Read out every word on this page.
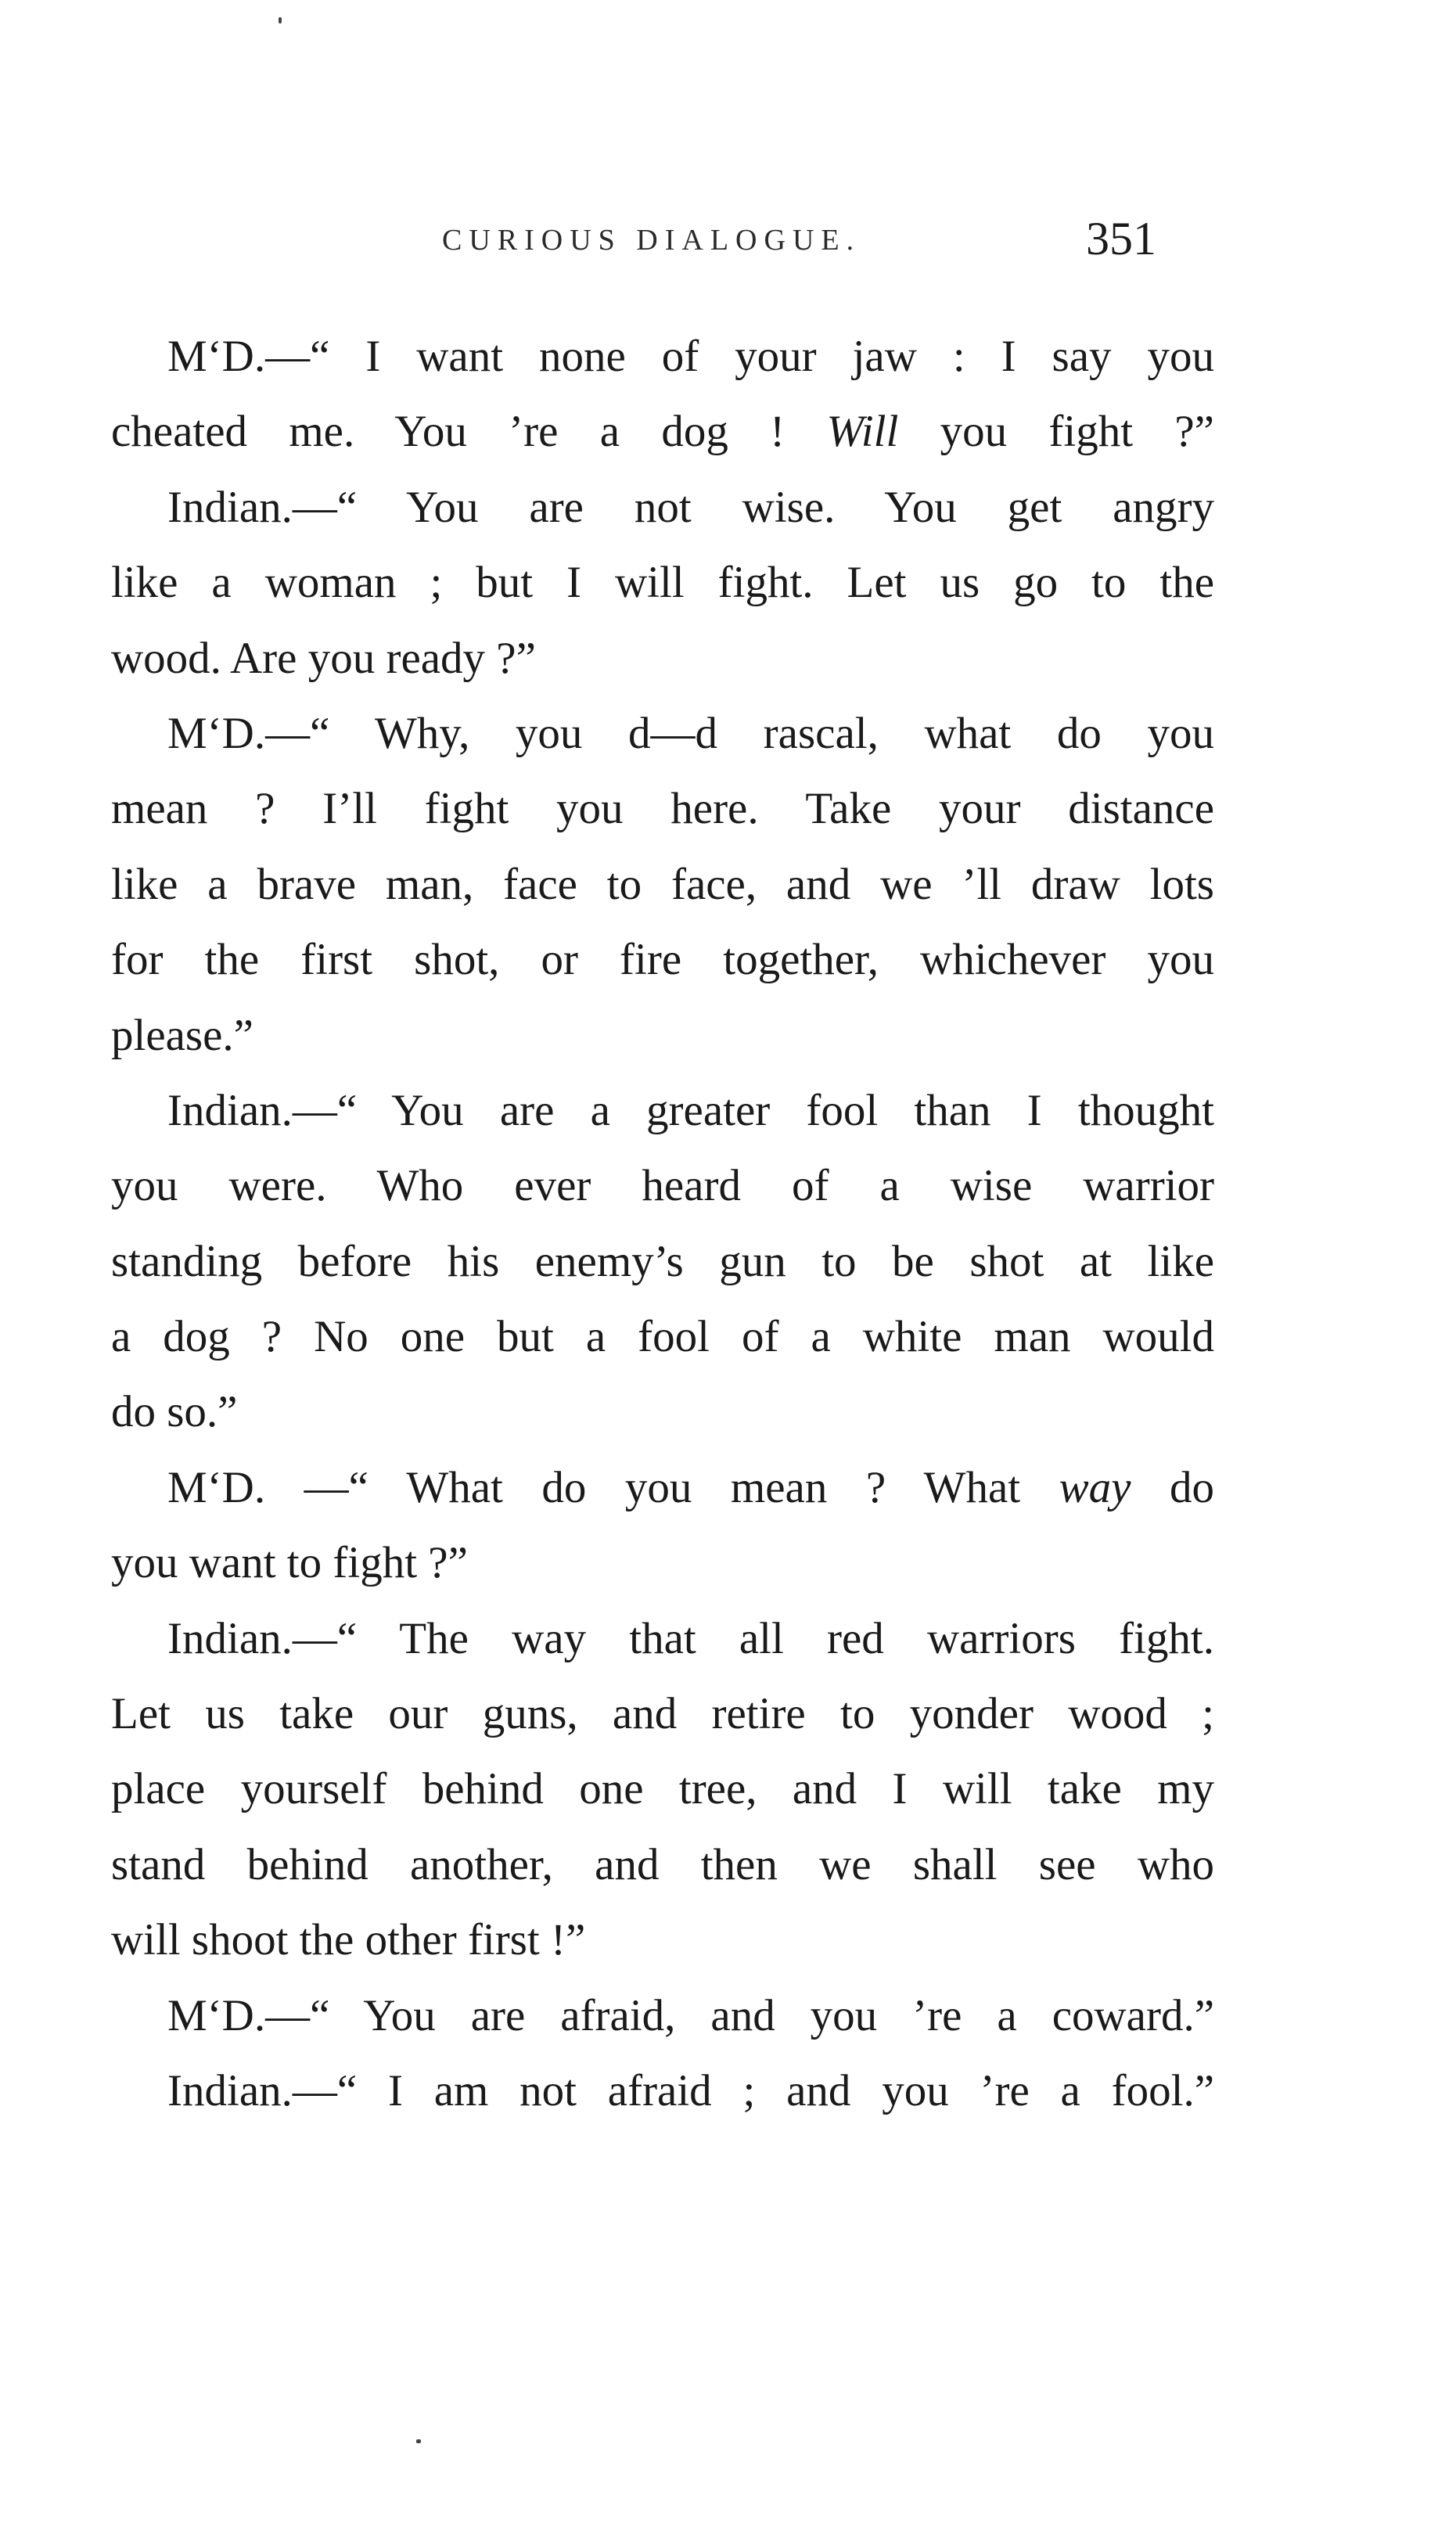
CURIOUS DIALOGUE.	351
M‘D.—“ I want none of your jaw : I say you
cheated me. You ’re a dog ! Will you fight ?”
Indian.—“ You are not wise. You get angry
like a woman ; but I will fight. Let us go to the
wood. Are you ready ?”
M‘D.—“ Why, you d—d rascal, what do you
mean ? I’ll fight you here. Take your distance
like a brave man, face to face, and we ’ll draw lots
for the first shot, or fire together, whichever you
please.”
Indian.—“ You are a greater fool than I thought
you were. Who ever heard of a wise warrior
standing before his enemy’s gun to be shot at like
a dog ? No one but a fool of a white man would
do so.”
M‘D. —“ What do you mean ? What way do
you want to fight ?”
Indian.—“ The way that all red warriors fight.
Let us take our guns, and retire to yonder wood ;
place yourself behind one tree, and I will take my
stand behind another, and then we shall see who
will shoot the other first !”
M‘D.—“ You are afraid, and you ’re a coward.”
Indian.—“ I am not afraid ; and you ’re a fool.”
